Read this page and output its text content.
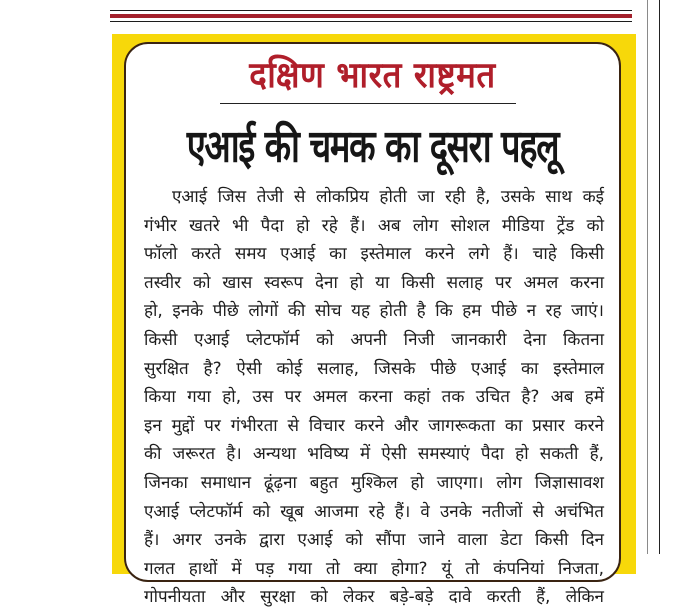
दक्षिण भारत राष्ट्रमत
एआई की चमक का दूसरा पहलू
एआई जिस तेजी से लोकप्रिय होती जा रही है, उसके साथ कई
गंभीर खतरे भी पैदा हो रहे हैं। अब लोग सोशल मीडिया ट्रेंड को
फॉलो करते समय एआई का इस्तेमाल करने लगे हैं। चाहे किसी
तस्वीर को खास स्वरूप देना हो या किसी सलाह पर अमल करना
हो, इनके पीछे लोगों की सोच यह होती है कि हम पीछे न रह जाएं।
किसी एआई प्लेटफॉर्म को अपनी निजी जानकारी देना कितना
सुरक्षित है? ऐसी कोई सलाह, जिसके पीछे एआई का इस्तेमाल
किया गया हो, उस पर अमल करना कहां तक उचित है? अब हमें
इन मुद्दों पर गंभीरता से विचार करने और जागरूकता का प्रसार करने
की जरूरत है। अन्यथा भविष्य में ऐसी समस्याएं पैदा हो सकती हैं,
जिनका समाधान ढूंढ़ना बहुत मुश्किल हो जाएगा। लोग जिज्ञासावश
एआई प्लेटफॉर्म को खूब आजमा रहे हैं। वे उनके नतीजों से अचंभित
हैं। अगर उनके द्वारा एआई को सौंपा जाने वाला डेटा किसी दिन
गलत हाथों में पड़ गया तो क्या होगा? यूं तो कंपनियां निजता,
गोपनीयता और सुरक्षा को लेकर बड़े-बड़े दावे करती हैं, लेकिन
